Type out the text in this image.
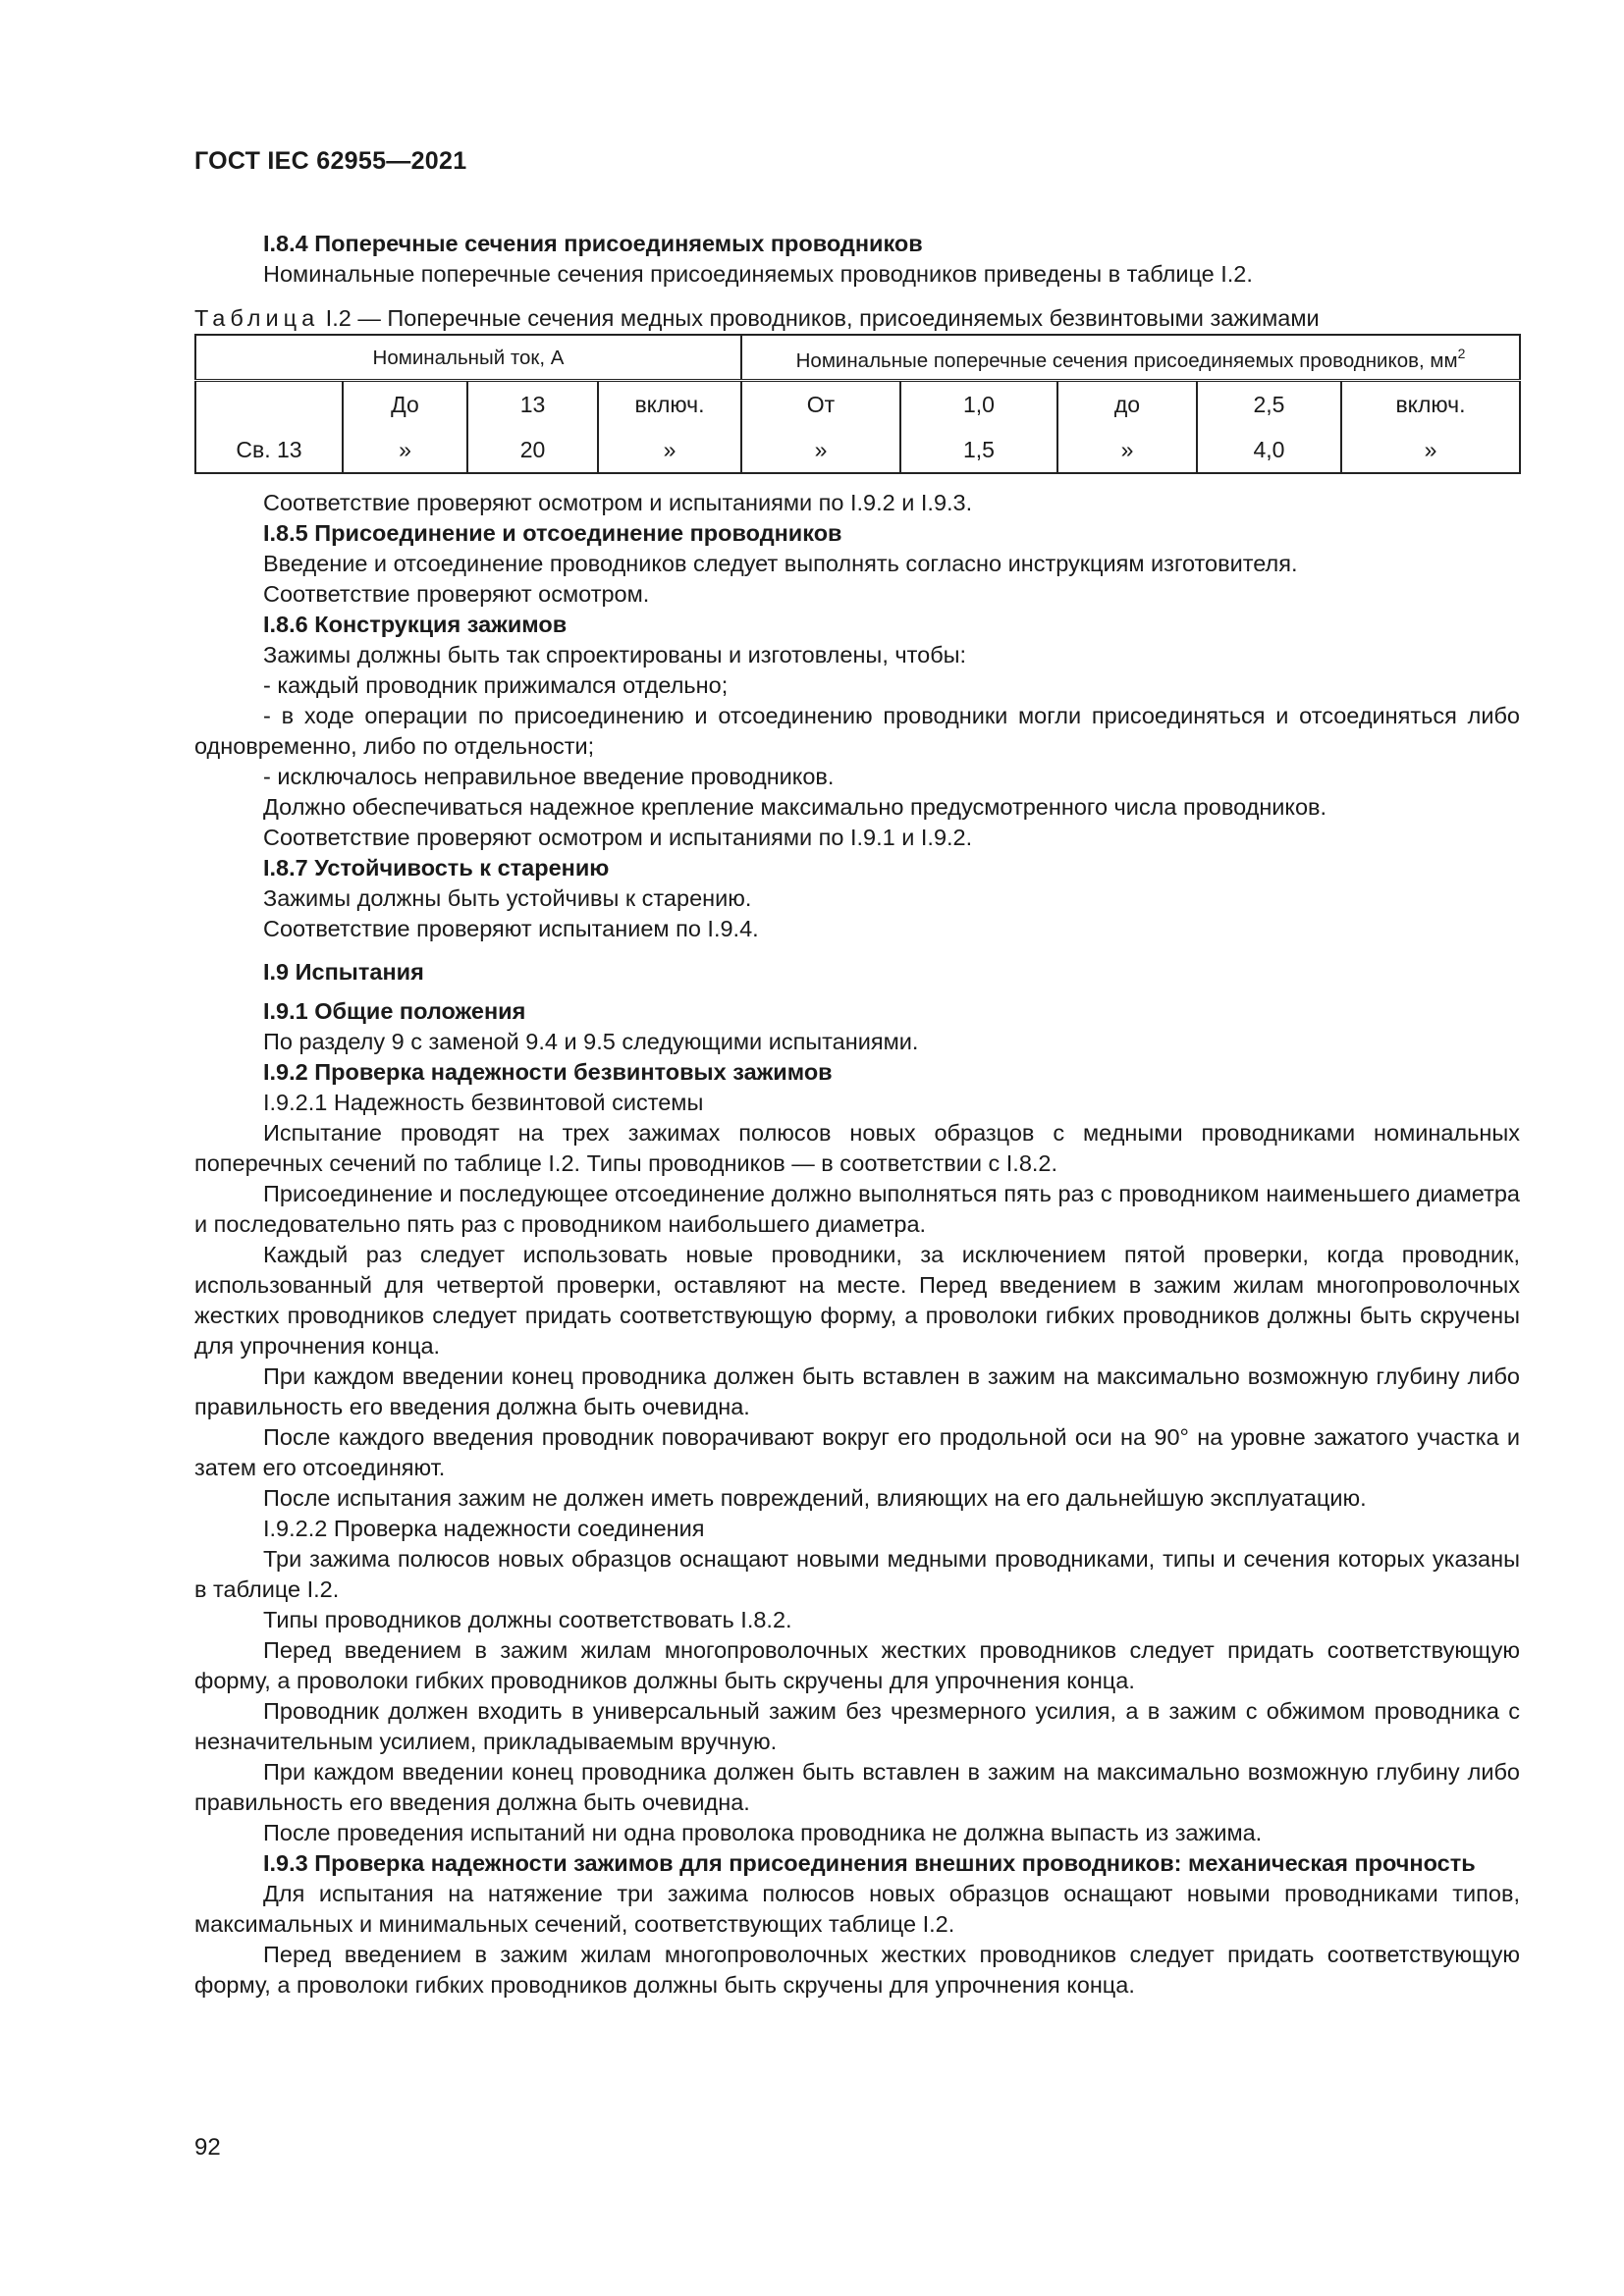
ГОСТ IEC 62955—2021

I.8.4 Поперечные сечения присоединяемых проводников

Номинальные поперечные сечения присоединяемых проводников приведены в таблице I.2.

Таблица I.2 — Поперечные сечения медных проводников, присоединяемых безвинтовыми зажимами

Номинальный ток, А				Номинальные поперечные сечения присоединяемых проводников, $мм^2$
	До	13	включ.	От	1,0	до	2,5	включ.
Св. 13	»	20	»	»	1,5	»	4,0	»

Соответствие проверяют осмотром и испытаниями по I.9.2 и I.9.3.

I.8.5 Присоединение и отсоединение проводников

Введение и отсоединение проводников следует выполнять согласно инструкциям изготовителя.

Соответствие проверяют осмотром.

I.8.6 Конструкция зажимов

Зажимы должны быть так спроектированы и изготовлены, чтобы:

- каждый проводник прижимался отдельно;

- в ходе операции по присоединению и отсоединению проводники могли присоединяться и отсоединяться либо одновременно, либо по отдельности;

- исключалось неправильное введение проводников.

Должно обеспечиваться надежное крепление максимально предусмотренного числа проводников.

Соответствие проверяют осмотром и испытаниями по I.9.1 и I.9.2.

I.8.7 Устойчивость к старению

Зажимы должны быть устойчивы к старению.

Соответствие проверяют испытанием по I.9.4.

I.9 Испытания

I.9.1 Общие положения

По разделу 9 с заменой 9.4 и 9.5 следующими испытаниями.

I.9.2 Проверка надежности безвинтовых зажимов

I.9.2.1 Надежность безвинтовой системы

Испытание проводят на трех зажимах полюсов новых образцов с медными проводниками номинальных поперечных сечений по таблице I.2. Типы проводников — в соответствии с I.8.2.

Присоединение и последующее отсоединение должно выполняться пять раз с проводником наименьшего диаметра и последовательно пять раз с проводником наибольшего диаметра.

Каждый раз следует использовать новые проводники, за исключением пятой проверки, когда проводник, использованный для четвертой проверки, оставляют на месте. Перед введением в зажим жилам многопроволочных жестких проводников следует придать соответствующую форму, а проволоки гибких проводников должны быть скручены для упрочнения конца.

При каждом введении конец проводника должен быть вставлен в зажим на максимально возможную глубину либо правильность его введения должна быть очевидна.

После каждого введения проводник поворачивают вокруг его продольной оси на 90° на уровне зажатого участка и затем его отсоединяют.

После испытания зажим не должен иметь повреждений, влияющих на его дальнейшую эксплуатацию.

I.9.2.2 Проверка надежности соединения

Три зажима полюсов новых образцов оснащают новыми медными проводниками, типы и сечения которых указаны в таблице I.2.

Типы проводников должны соответствовать I.8.2.

Перед введением в зажим жилам многопроволочных жестких проводников следует придать соответствующую форму, а проволоки гибких проводников должны быть скручены для упрочнения конца.

Проводник должен входить в универсальный зажим без чрезмерного усилия, а в зажим с обжимом проводника с незначительным усилием, прикладываемым вручную.

При каждом введении конец проводника должен быть вставлен в зажим на максимально возможную глубину либо правильность его введения должна быть очевидна.

После проведения испытаний ни одна проволока проводника не должна выпасть из зажима.

I.9.3 Проверка надежности зажимов для присоединения внешних проводников: механическая прочность

Для испытания на натяжение три зажима полюсов новых образцов оснащают новыми проводниками типов, максимальных и минимальных сечений, соответствующих таблице I.2.

Перед введением в зажим жилам многопроволочных жестких проводников следует придать соответствующую форму, а проволоки гибких проводников должны быть скручены для упрочнения конца.

92
